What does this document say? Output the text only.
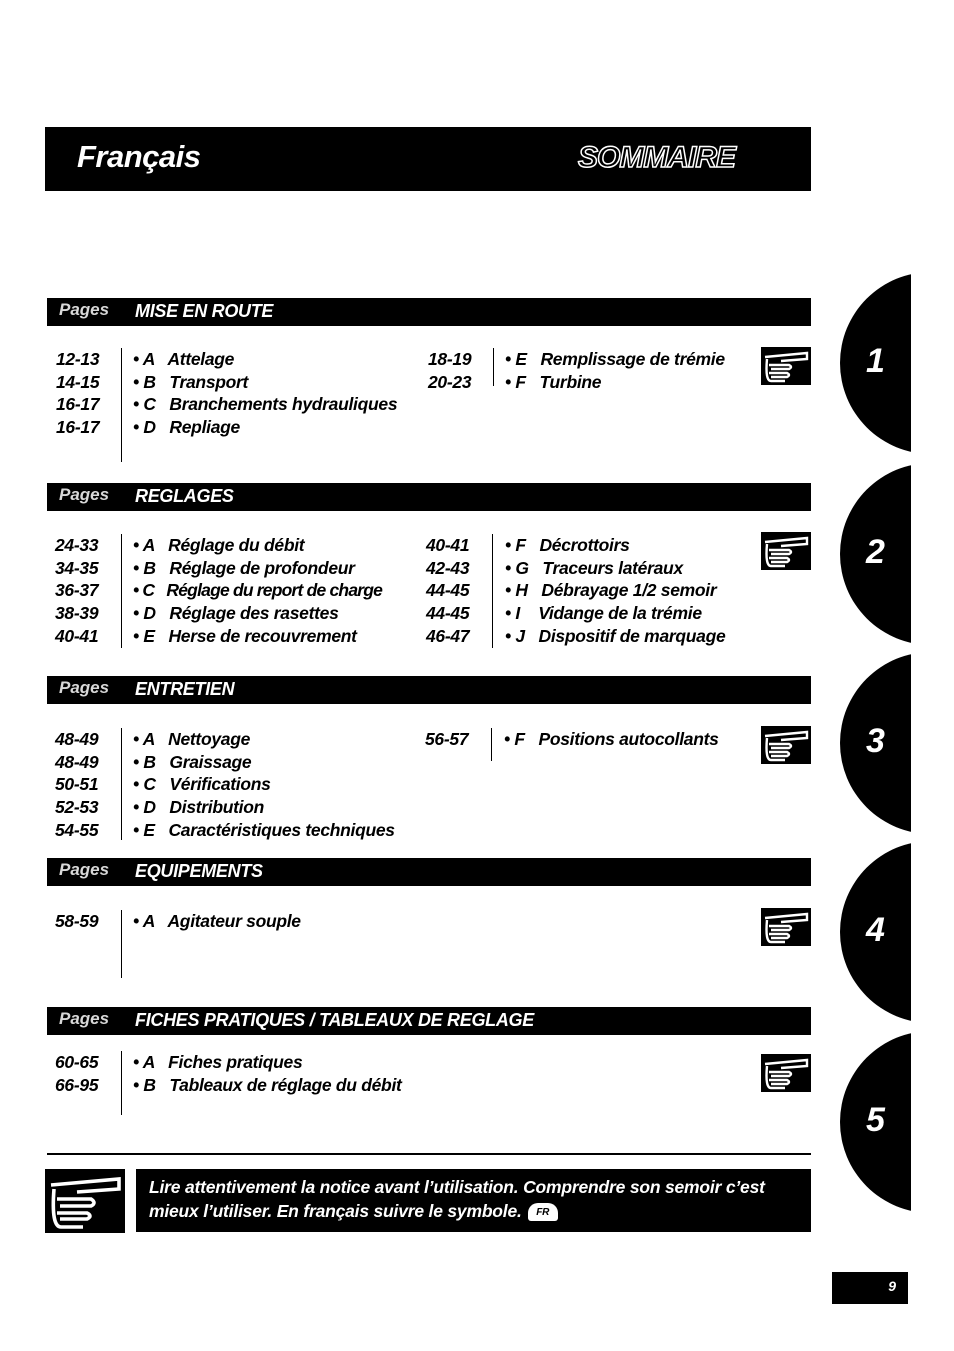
Français	SOMMAIRE
1
2
3
4
5
Pages MISE EN ROUTE
12-13
14-15
16-17
16-17
• A   Attelage
• B   Transport
• C   Branchements hydrauliques
• D   Repliage
18-19
20-23
• E   Remplissage de trémie
• F   Turbine
Pages REGLAGES
24-33
34-35
36-37
38-39
40-41
• A   Réglage du débit
• B   Réglage de profondeur
• C   Réglage du report de charge
• D   Réglage des rasettes
• E   Herse de recouvrement
40-41
42-43
44-45
44-45
46-47
• F   Décrottoirs
• G   Traceurs latéraux
• H   Débrayage 1/2 semoir
• I    Vidange de la trémie
• J   Dispositif de marquage
Pages ENTRETIEN
48-49
48-49
50-51
52-53
54-55
• A   Nettoyage
• B   Graissage
• C   Vérifications
• D   Distribution
• E   Caractéristiques techniques
56-57 • F   Positions autocollants
Pages EQUIPEMENTS
58-59 • A   Agitateur souple
Pages FICHES PRATIQUES / TABLEAUX DE REGLAGE
60-65
66-95
• A   Fiches pratiques
• B   Tableaux de réglage du débit
Lire attentivement la notice avant l’utilisation. Comprendre son semoir c’est mieux l’utiliser. En français suivre le symbole. FR
9
